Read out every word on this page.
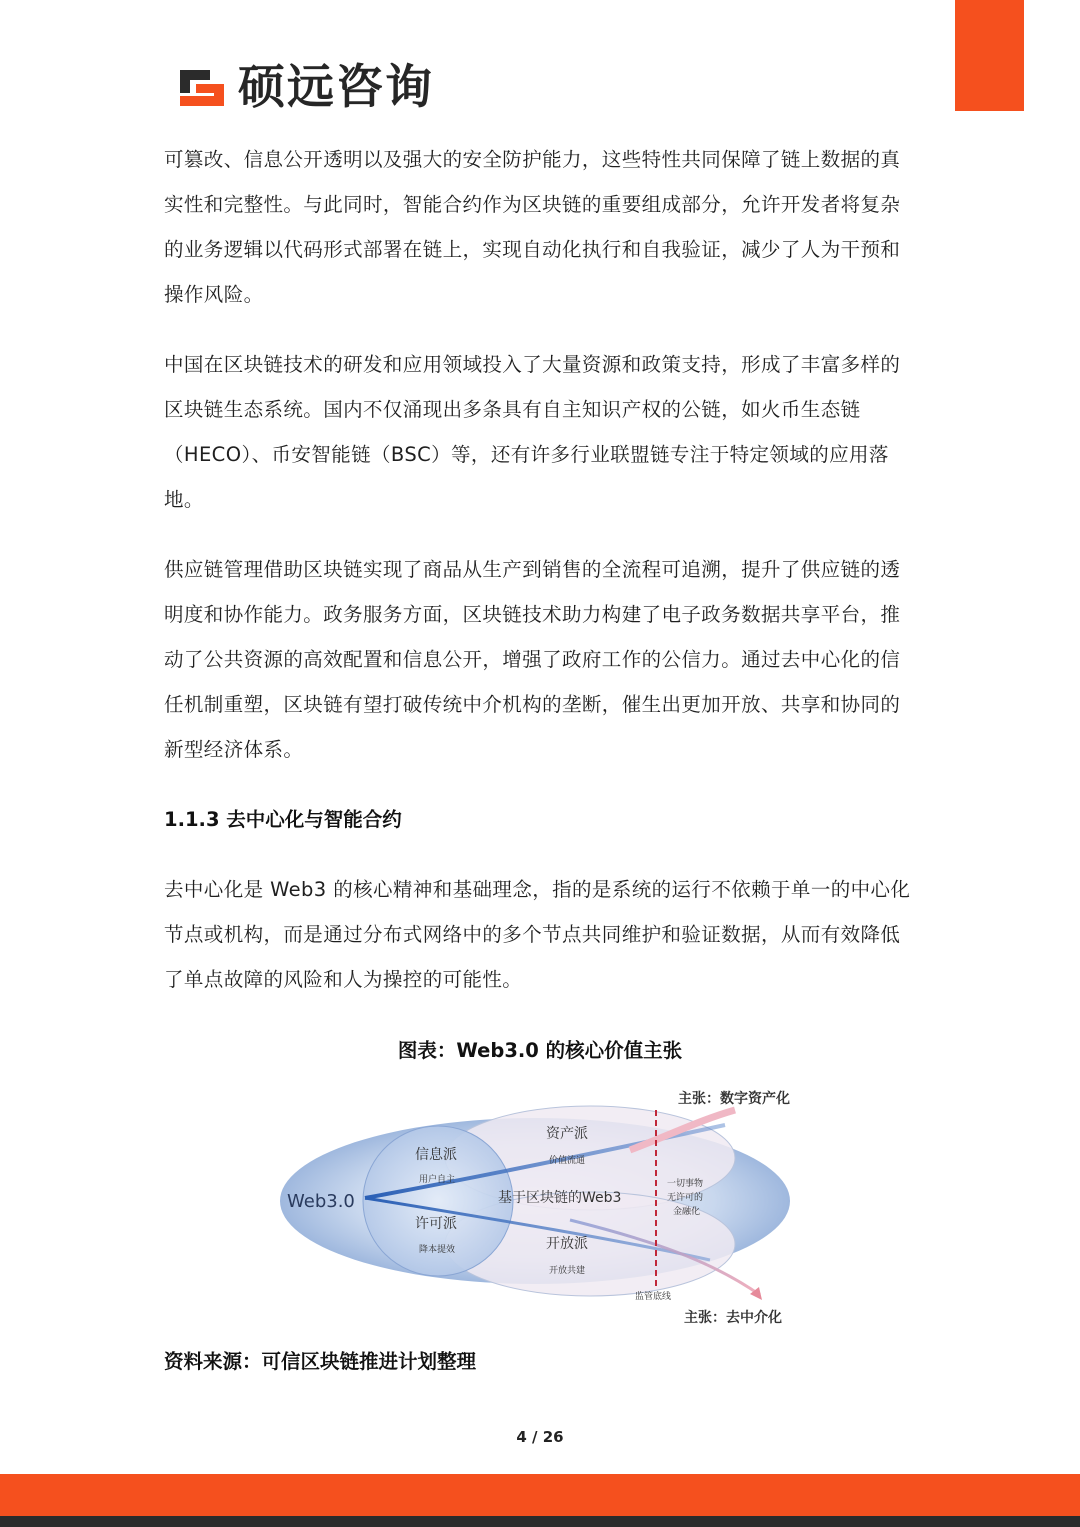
硕远咨询

可篡改、信息公开透明以及强大的安全防护能力，这些特性共同保障了链上数据的真实性和完整性。与此同时，智能合约作为区块链的重要组成部分，允许开发者将复杂的业务逻辑以代码形式部署在链上，实现自动化执行和自我验证，减少了人为干预和操作风险。

中国在区块链技术的研发和应用领域投入了大量资源和政策支持，形成了丰富多样的区块链生态系统。国内不仅涌现出多条具有自主知识产权的公链，如火币生态链（HECO）、币安智能链（BSC）等，还有许多行业联盟链专注于特定领域的应用落地。

供应链管理借助区块链实现了商品从生产到销售的全流程可追溯，提升了供应链的透明度和协作能力。政务服务方面，区块链技术助力构建了电子政务数据共享平台，推动了公共资源的高效配置和信息公开，增强了政府工作的公信力。通过去中心化的信任机制重塑，区块链有望打破传统中介机构的垄断，催生出更加开放、共享和协同的新型经济体系。

1.1.3 去中心化与智能合约

去中心化是 Web3 的核心精神和基础理念，指的是系统的运行不依赖于单一的中心化节点或机构，而是通过分布式网络中的多个节点共同维护和验证数据，从而有效降低了单点故障的风险和人为操控的可能性。

图表：Web3.0 的核心价值主张
主张：数字资产化
Web3.0
信息派
用户自主
许可派
降本提效
资产派
价值流通
基于区块链的Web3
开放派
开放共建
一切事物
无许可的
金融化
监管底线
主张：去中介化
资料来源：可信区块链推进计划整理
4 / 26
